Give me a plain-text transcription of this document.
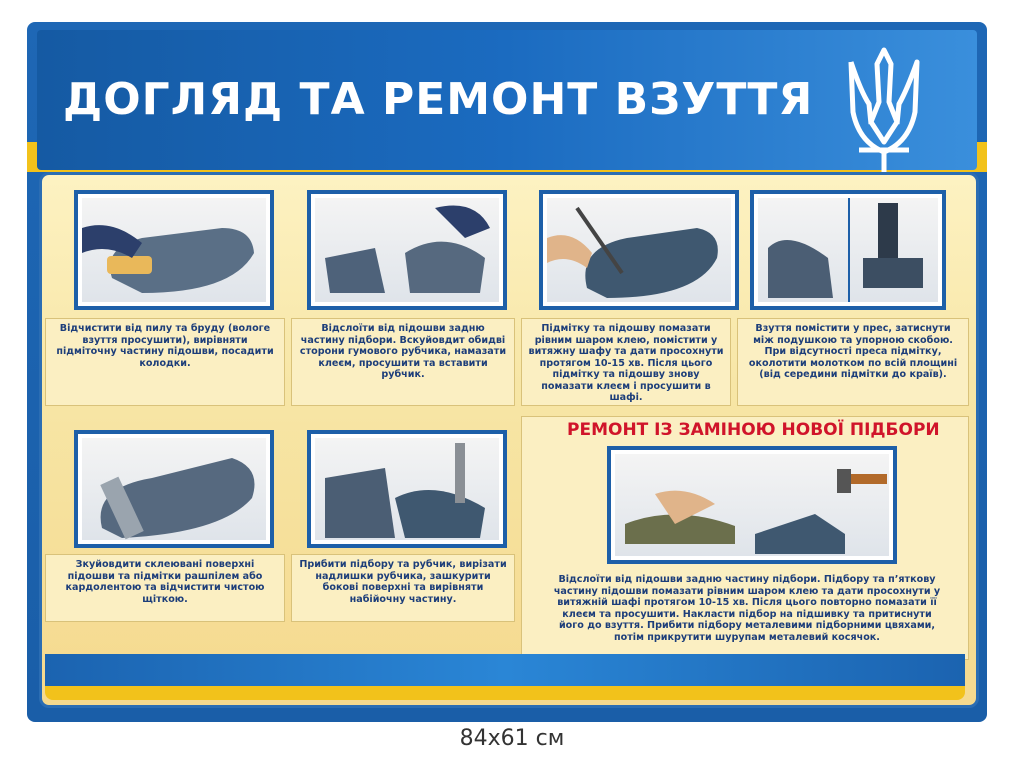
ДОГЛЯД ТА РЕМОНТ ВЗУТТЯ
Відчистити від пилу та бруду (вологе взуття просушити), вирівняти підміточну частину підошви, посадити колодки.
Відслоїти від підошви задню частину підбори. Вскуйовдит обидві сторони гумового рубчика, намазати клеєм, просушити та вставити рубчик.
Підмітку та підошву помазати рівним шаром клею, помістити у витяжну шафу та дати просохнути протягом 10-15 хв. Після цього підмітку та підошву знову помазати клеєм і просушити в шафі.
Взуття помістити у прес, затиснути між подушкою та упорною скобою. При відсутності преса підмітку, околотити молотком по всій площині (від середини підмітки до країв).
Зкуйовдити склеювані поверхні підошви та підмітки рашпілем або кардолентою та відчистити чистою щіткою.
Прибити підбору та рубчик, вирізати надлишки рубчика, зашкурити бокові поверхні та вирівняти набійочну частину.
РЕМОНТ ІЗ ЗАМІНОЮ НОВОЇ ПІДБОРИ
Відслоїти від підошви задню частину підбори. Підбору та п’яткову частину підошви помазати рівним шаром клею та дати просохнути у витяжній шафі протягом 10-15 хв. Після цього повторно помазати її клеєм та просушити. Накласти підбор на підшивку та притиснути його до взуття. Прибити підбору металевими підборними цвяхами, потім прикрутити шурупам металевий косячок.
84x61 см
